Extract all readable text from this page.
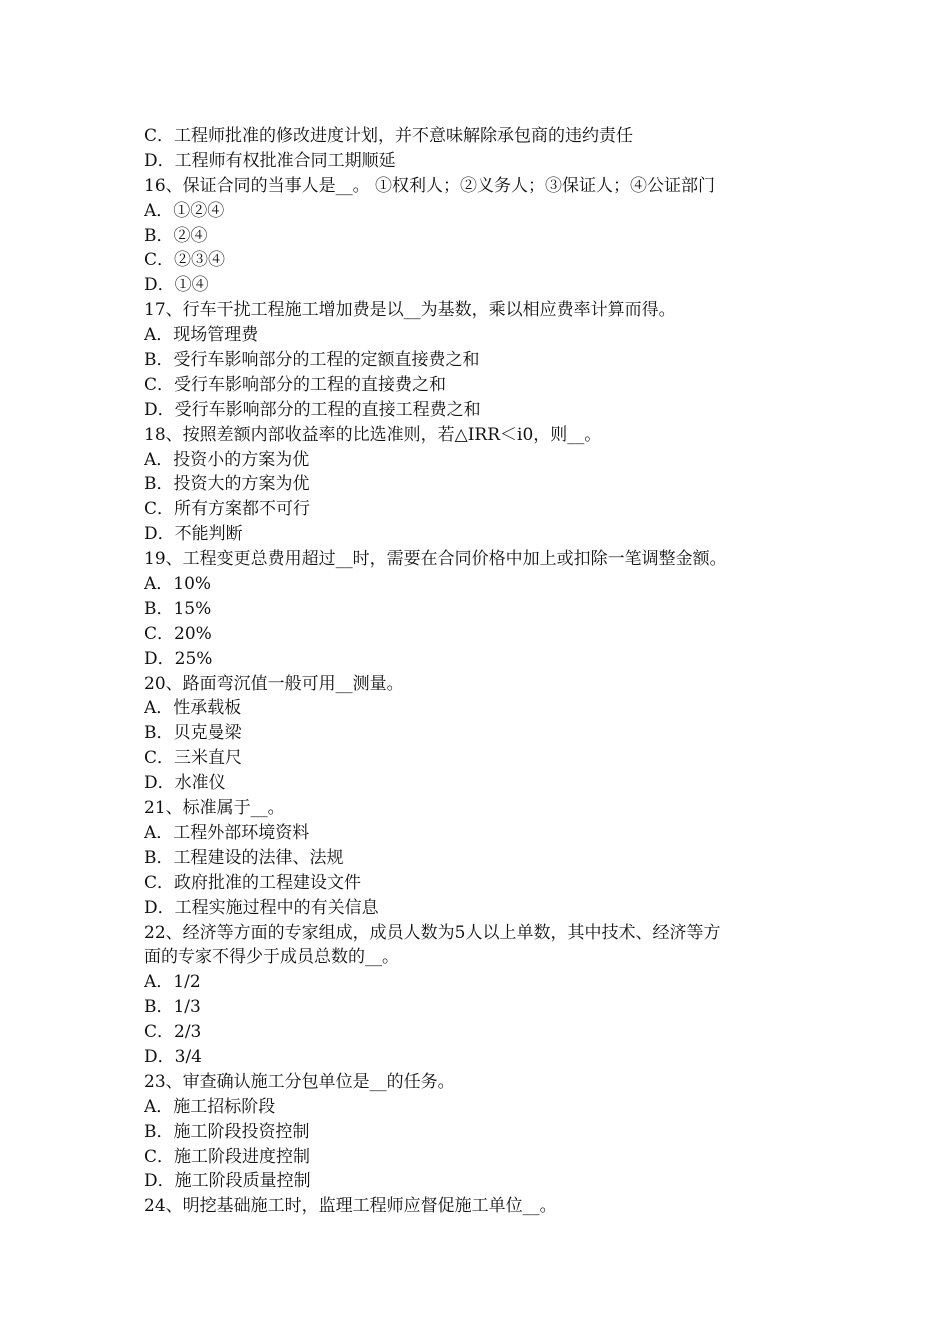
C．工程师批准的修改进度计划，并不意味解除承包商的违约责任
D．工程师有权批准合同工期顺延
16、保证合同的当事人是__。 ①权利人；②义务人；③保证人；④公证部门
A．①②④
B．②④
C．②③④
D．①④
17、行车干扰工程施工增加费是以__为基数，乘以相应费率计算而得。
A．现场管理费
B．受行车影响部分的工程的定额直接费之和
C．受行车影响部分的工程的直接费之和
D．受行车影响部分的工程的直接工程费之和
18、按照差额内部收益率的比选准则，若△IRR＜i0，则__。
A．投资小的方案为优
B．投资大的方案为优
C．所有方案都不可行
D．不能判断
19、工程变更总费用超过__时，需要在合同价格中加上或扣除一笔调整金额。
A．10%
B．15%
C．20%
D．25%
20、路面弯沉值一般可用__测量。
A．性承载板
B．贝克曼梁
C．三米直尺
D．水准仪
21、标准属于__。
A．工程外部环境资料
B．工程建设的法律、法规
C．政府批准的工程建设文件
D．工程实施过程中的有关信息
22、经济等方面的专家组成，成员人数为5人以上单数，其中技术、经济等方
面的专家不得少于成员总数的__。
A．1/2
B．1/3
C．2/3
D．3/4
23、审查确认施工分包单位是__的任务。
A．施工招标阶段
B．施工阶段投资控制
C．施工阶段进度控制
D．施工阶段质量控制
24、明挖基础施工时，监理工程师应督促施工单位__。
